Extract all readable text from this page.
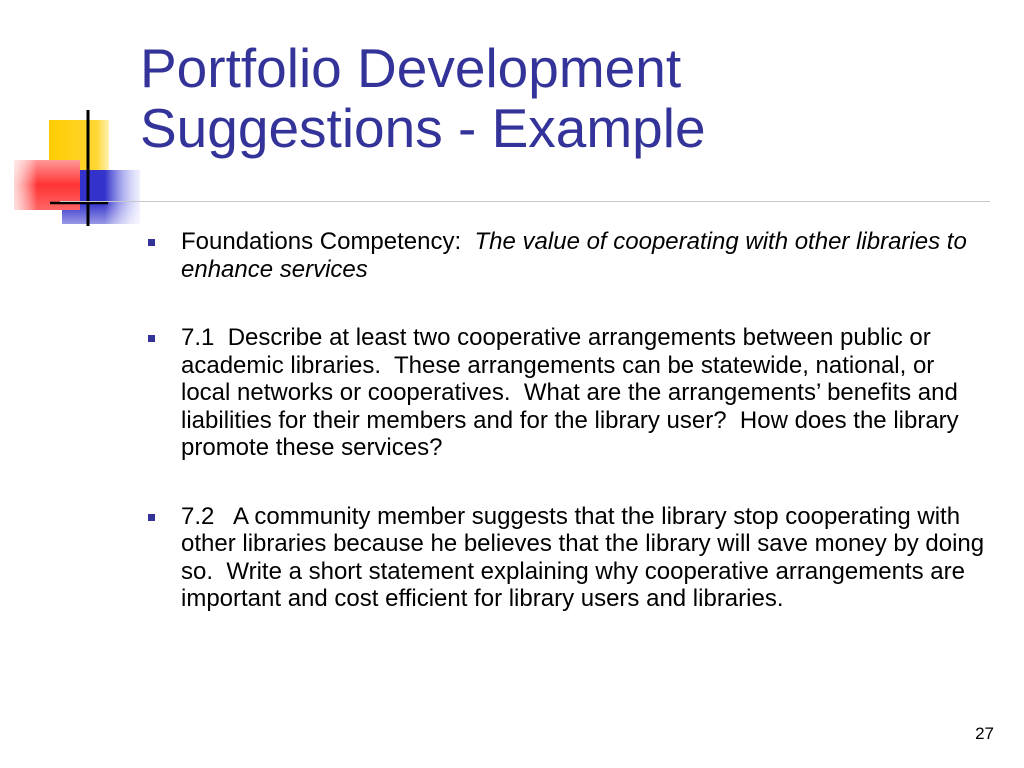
Portfolio Development
Suggestions - Example
Foundations Competency: The value of cooperating with other libraries to enhance services
7.1  Describe at least two cooperative arrangements between public or academic libraries.  These arrangements can be statewide, national, or local networks or cooperatives.  What are the arrangements’ benefits and liabilities for their members and for the library user?  How does the library promote these services?
7.2   A community member suggests that the library stop cooperating with other libraries because he believes that the library will save money by doing so.  Write a short statement explaining why cooperative arrangements are important and cost efficient for library users and libraries.
27
